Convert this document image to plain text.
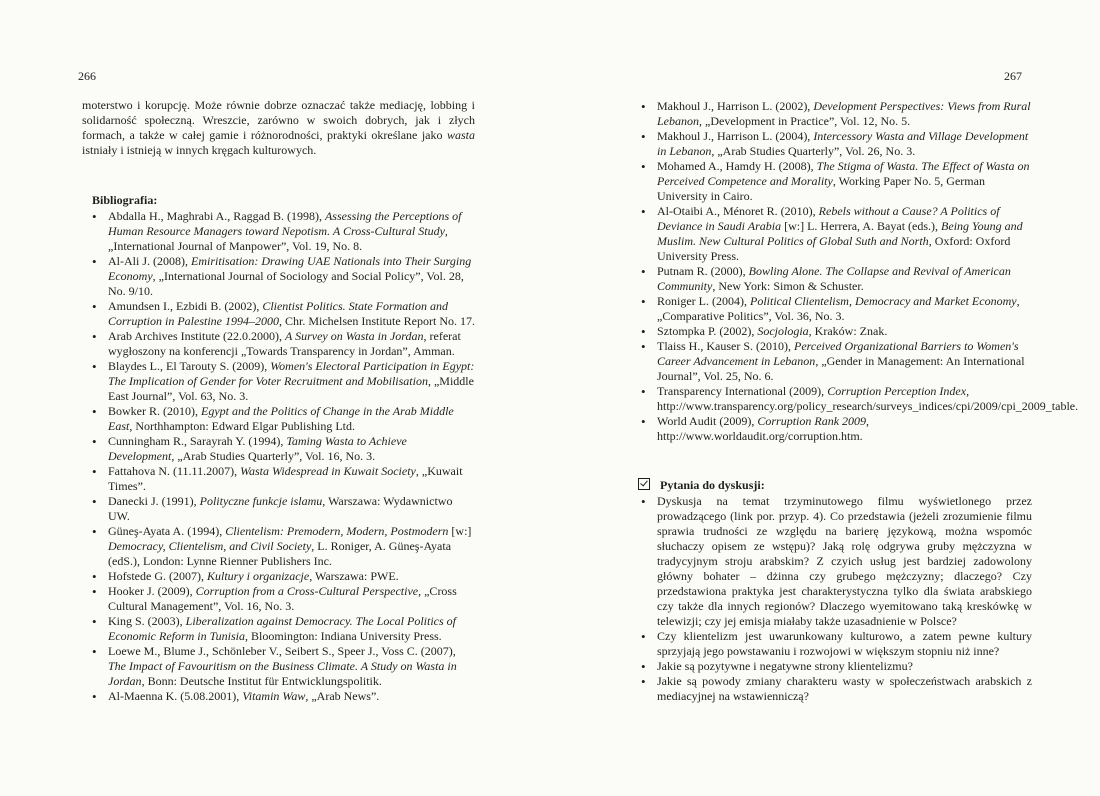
266

moterstwo i korupcję. Może równie dobrze oznaczać także mediację, lobbing i solidarność społeczną. Wreszcie, zarówno w swoich dobrych, jak i złych formach, a także w całej gamie i różnorodności, praktyki określane jako wasta istniały i istnieją w innych kręgach kulturowych.

Bibliografia:
• Abdalla H., Maghrabi A., Raggad B. (1998), Assessing the Perceptions of Human Resource Managers toward Nepotism. A Cross-Cultural Study, „International Journal of Manpower”, Vol. 19, No. 8.
• Al-Ali J. (2008), Emiritisation: Drawing UAE Nationals into Their Surging Economy, „International Journal of Sociology and Social Policy”, Vol. 28, No. 9/10.
• Amundsen I., Ezbidi B. (2002), Clientist Politics. State Formation and Corruption in Palestine 1994–2000, Chr. Michelsen Institute Report No. 17.
• Arab Archives Institute (22.0.2000), A Survey on Wasta in Jordan, referat wygłoszony na konferencji „Towards Transparency in Jordan”, Amman.
• Blaydes L., El Tarouty S. (2009), Women's Electoral Participation in Egypt: The Implication of Gender for Voter Recruitment and Mobilisation, „Middle East Journal”, Vol. 63, No. 3.
• Bowker R. (2010), Egypt and the Politics of Change in the Arab Middle East, Northhampton: Edward Elgar Publishing Ltd.
• Cunningham R., Sarayrah Y. (1994), Taming Wasta to Achieve Development, „Arab Studies Quarterly”, Vol. 16, No. 3.
• Fattahova N. (11.11.2007), Wasta Widespread in Kuwait Society, „Kuwait Times”.
• Danecki J. (1991), Polityczne funkcje islamu, Warszawa: Wydawnictwo UW.
• Güneş-Ayata A. (1994), Clientelism: Premodern, Modern, Postmodern [w:] Democracy, Clientelism, and Civil Society, L. Roniger, A. Güneş-Ayata (edS.), London: Lynne Rienner Publishers Inc.
• Hofstede G. (2007), Kultury i organizacje, Warszawa: PWE.
• Hooker J. (2009), Corruption from a Cross-Cultural Perspective, „Cross Cultural Management”, Vol. 16, No. 3.
• King S. (2003), Liberalization against Democracy. The Local Politics of Economic Reform in Tunisia, Bloomington: Indiana University Press.
• Loewe M., Blume J., Schönleber V., Seibert S., Speer J., Voss C. (2007), The Impact of Favouritism on the Business Climate. A Study on Wasta in Jordan, Bonn: Deutsche Institut für Entwicklungspolitik.
• Al-Maenna K. (5.08.2001), Vitamin Waw, „Arab News”.
267
• Makhoul J., Harrison L. (2002), Development Perspectives: Views from Rural Lebanon, „Development in Practice”, Vol. 12, No. 5.
• Makhoul J., Harrison L. (2004), Intercessory Wasta and Village Development in Lebanon, „Arab Studies Quarterly”, Vol. 26, No. 3.
• Mohamed A., Hamdy H. (2008), The Stigma of Wasta. The Effect of Wasta on Perceived Competence and Morality, Working Paper No. 5, German University in Cairo.
• Al-Otaibi A., Ménoret R. (2010), Rebels without a Cause? A Politics of Deviance in Saudi Arabia [w:] L. Herrera, A. Bayat (eds.), Being Young and Muslim. New Cultural Politics of Global Suth and North, Oxford: Oxford University Press.
• Putnam R. (2000), Bowling Alone. The Collapse and Revival of American Community, New York: Simon & Schuster.
• Roniger L. (2004), Political Clientelism, Democracy and Market Economy, „Comparative Politics”, Vol. 36, No. 3.
• Sztompka P. (2002), Socjologia, Kraków: Znak.
• Tlaiss H., Kauser S. (2010), Perceived Organizational Barriers to Women's Career Advancement in Lebanon, „Gender in Management: An International Journal”, Vol. 25, No. 6.
• Transparency International (2009), Corruption Perception Index, http://www.transparency.org/policy_research/surveys_indices/cpi/2009/cpi_2009_table.
• World Audit (2009), Corruption Rank 2009, http://www.worldaudit.org/corruption.htm.
Pytania do dyskusji:
• Dyskusja na temat trzyminutowego filmu wyświetlonego przez prowadzącego (link por. przyp. 4). Co przedstawia (jeżeli zrozumienie filmu sprawia trudności ze względu na barierę językową, można wspomóc słuchaczy opisem ze wstępu)? Jaką rolę odgrywa gruby mężczyzna w tradycyjnym stroju arabskim? Z czyich usług jest bardziej zadowolony główny bohater – dżinna czy grubego mężczyzny; dlaczego? Czy przedstawiona praktyka jest charakterystyczna tylko dla świata arabskiego czy także dla innych regionów? Dlaczego wyemitowano taką kreskówkę w telewizji; czy jej emisja miałaby także uzasadnienie w Polsce?
• Czy klientelizm jest uwarunkowany kulturowo, a zatem pewne kultury sprzyjają jego powstawaniu i rozwojowi w większym stopniu niż inne?
• Jakie są pozytywne i negatywne strony klientelizmu?
• Jakie są powody zmiany charakteru wasty w społeczeństwach arabskich z mediacyjnej na wstawienniczą?
